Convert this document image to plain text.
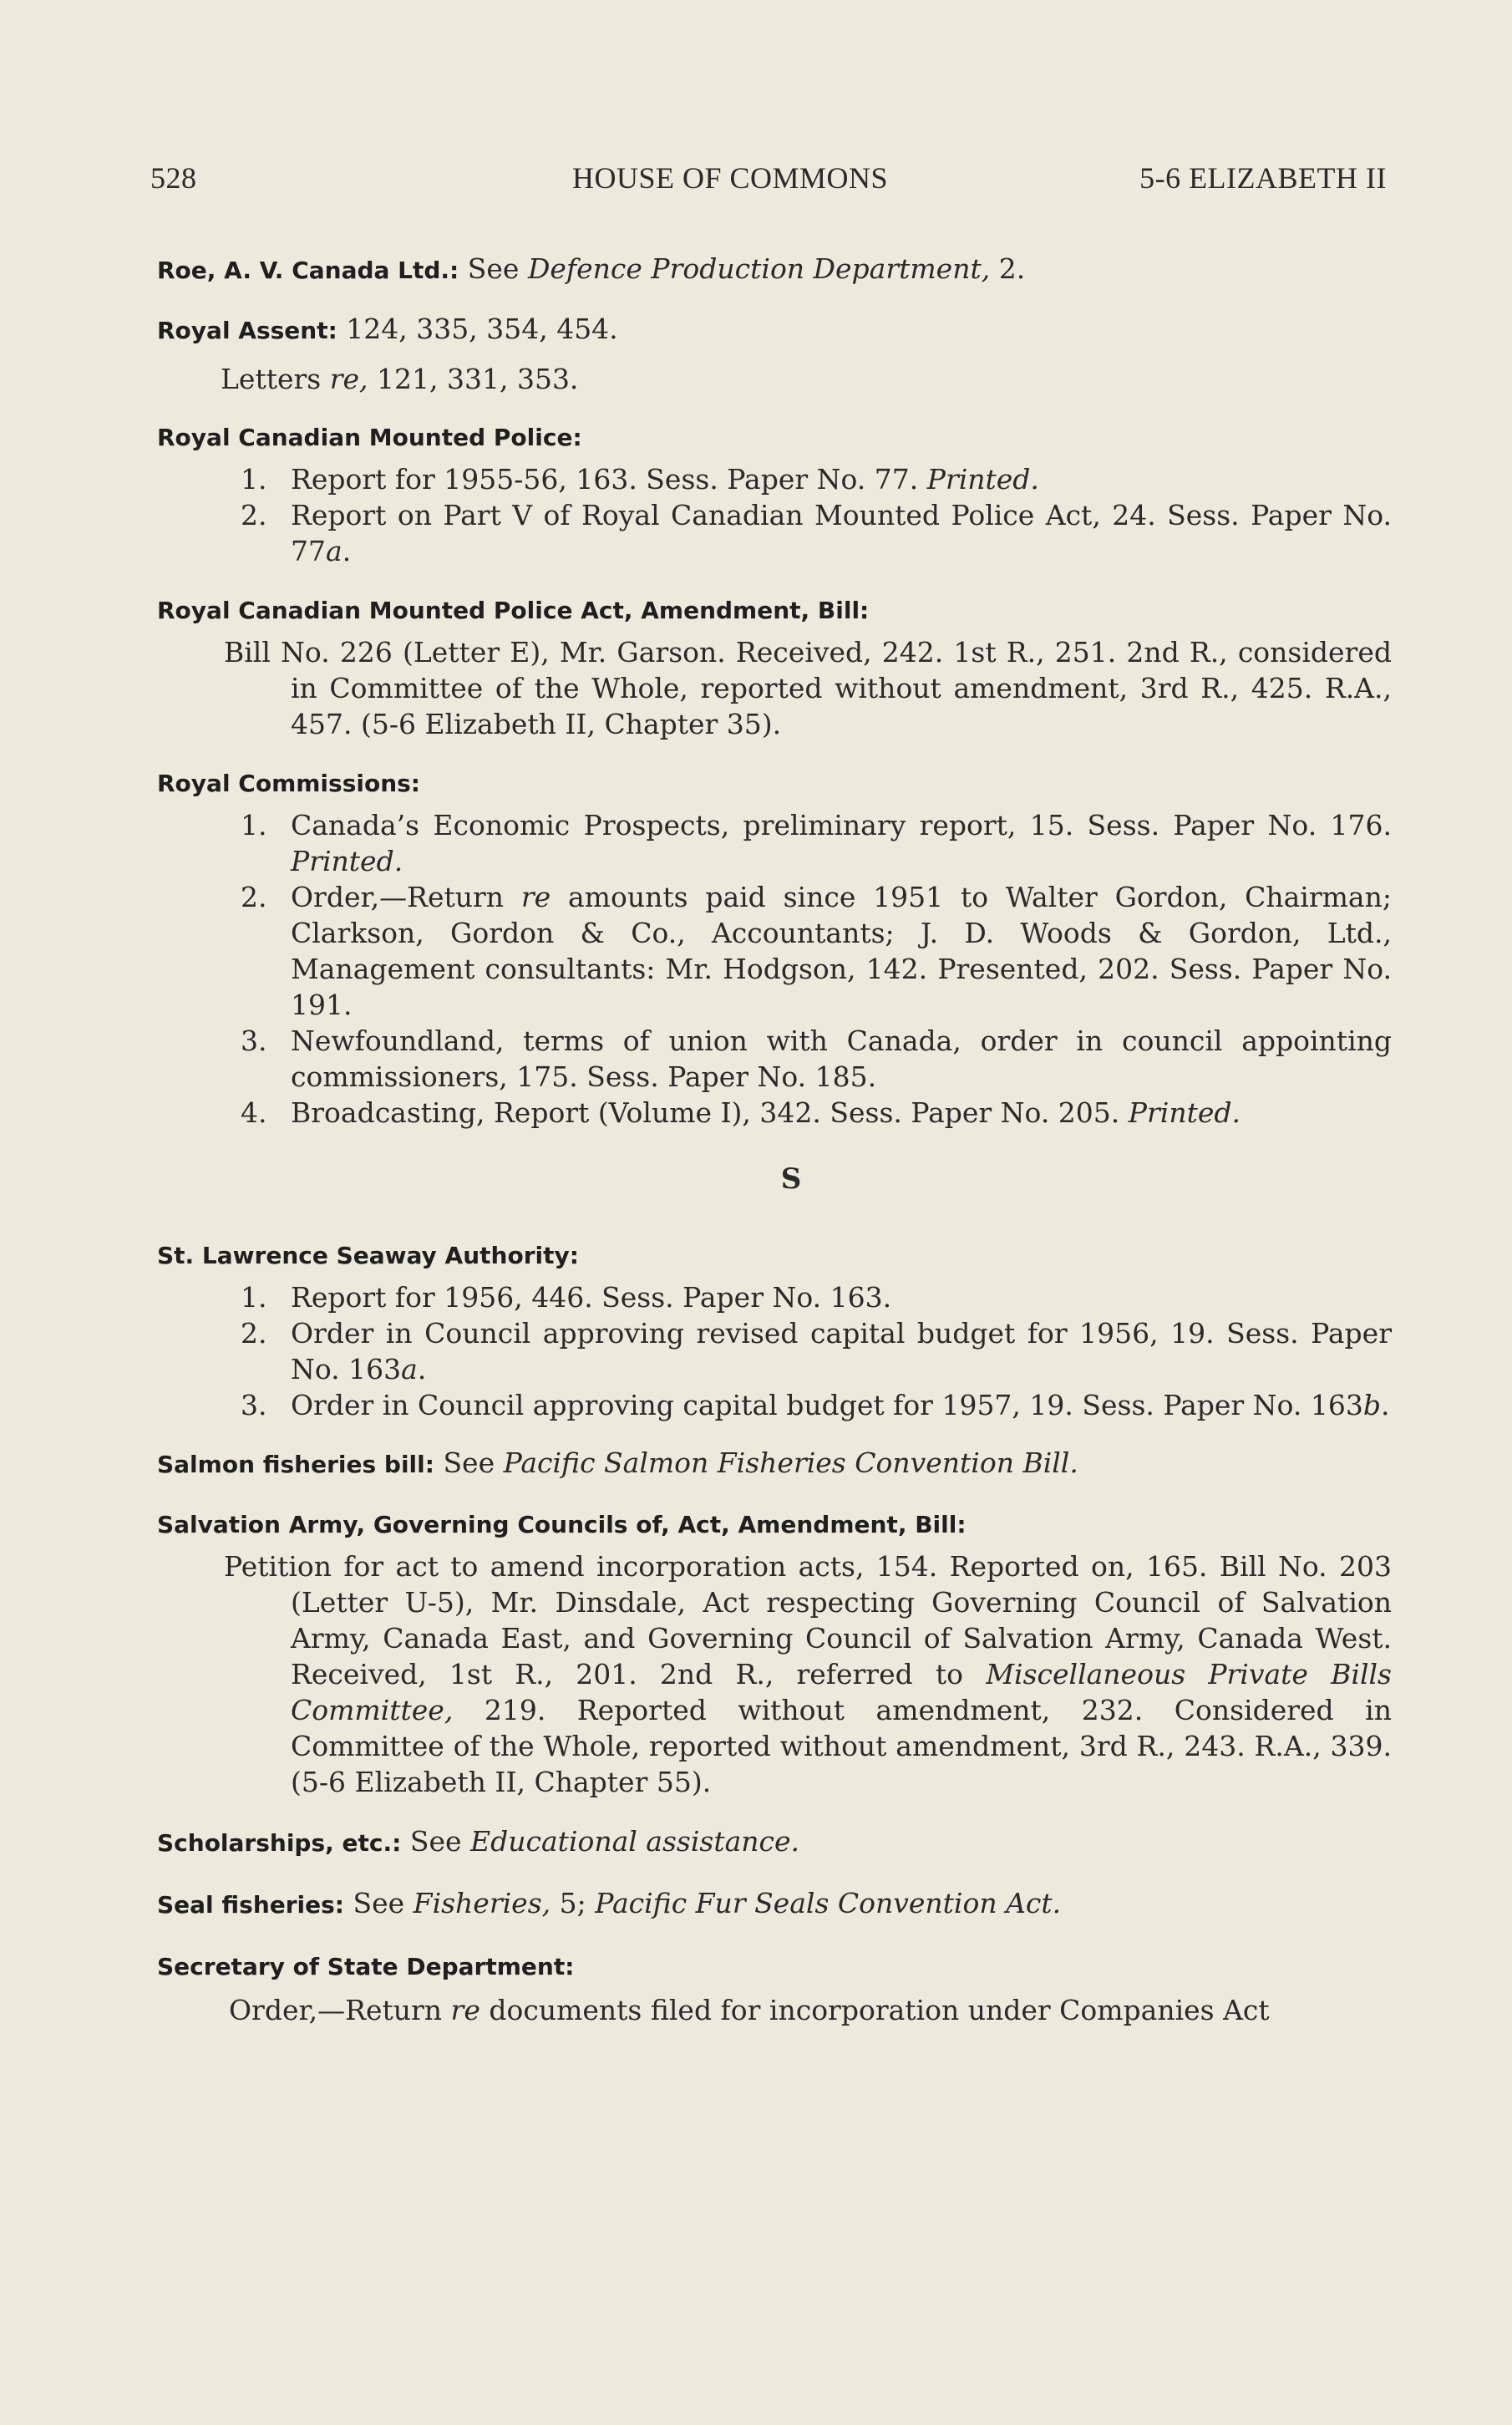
528	HOUSE OF COMMONS	5-6 ELIZABETH II

Roe, A. V. Canada Ltd.: See Defence Production Department, 2.

Royal Assent: 124, 335, 354, 454.

Letters re, 121, 331, 353.

Royal Canadian Mounted Police:

1. Report for 1955-56, 163. Sess. Paper No. 77. Printed.
2. Report on Part V of Royal Canadian Mounted Police Act, 24. Sess. Paper No. 77a.

Royal Canadian Mounted Police Act, Amendment, Bill:

Bill No. 226 (Letter E), Mr. Garson. Received, 242. 1st R., 251. 2nd R., considered in Committee of the Whole, reported without amendment, 3rd R., 425. R.A., 457. (5-6 Elizabeth II, Chapter 35).

Royal Commissions:

1. Canada’s Economic Prospects, preliminary report, 15. Sess. Paper No. 176. Printed.
2. Order,—Return re amounts paid since 1951 to Walter Gordon, Chairman; Clarkson, Gordon & Co., Accountants; J. D. Woods & Gordon, Ltd., Management consultants: Mr. Hodgson, 142. Presented, 202. Sess. Paper No. 191.
3. Newfoundland, terms of union with Canada, order in council appointing commissioners, 175. Sess. Paper No. 185.
4. Broadcasting, Report (Volume I), 342. Sess. Paper No. 205. Printed.

S

St. Lawrence Seaway Authority:

1. Report for 1956, 446. Sess. Paper No. 163.
2. Order in Council approving revised capital budget for 1956, 19. Sess. Paper No. 163a.
3. Order in Council approving capital budget for 1957, 19. Sess. Paper No. 163b.

Salmon fisheries bill: See Pacific Salmon Fisheries Convention Bill.

Salvation Army, Governing Councils of, Act, Amendment, Bill:

Petition for act to amend incorporation acts, 154. Reported on, 165. Bill No. 203 (Letter U-5), Mr. Dinsdale, Act respecting Governing Council of Salvation Army, Canada East, and Governing Council of Salvation Army, Canada West. Received, 1st R., 201. 2nd R., referred to Miscellaneous Private Bills Committee, 219. Reported without amendment, 232. Considered in Committee of the Whole, reported without amendment, 3rd R., 243. R.A., 339. (5-6 Elizabeth II, Chapter 55).

Scholarships, etc.: See Educational assistance.

Seal fisheries: See Fisheries, 5; Pacific Fur Seals Convention Act.

Secretary of State Department:

Order,—Return re documents filed for incorporation under Companies Act
